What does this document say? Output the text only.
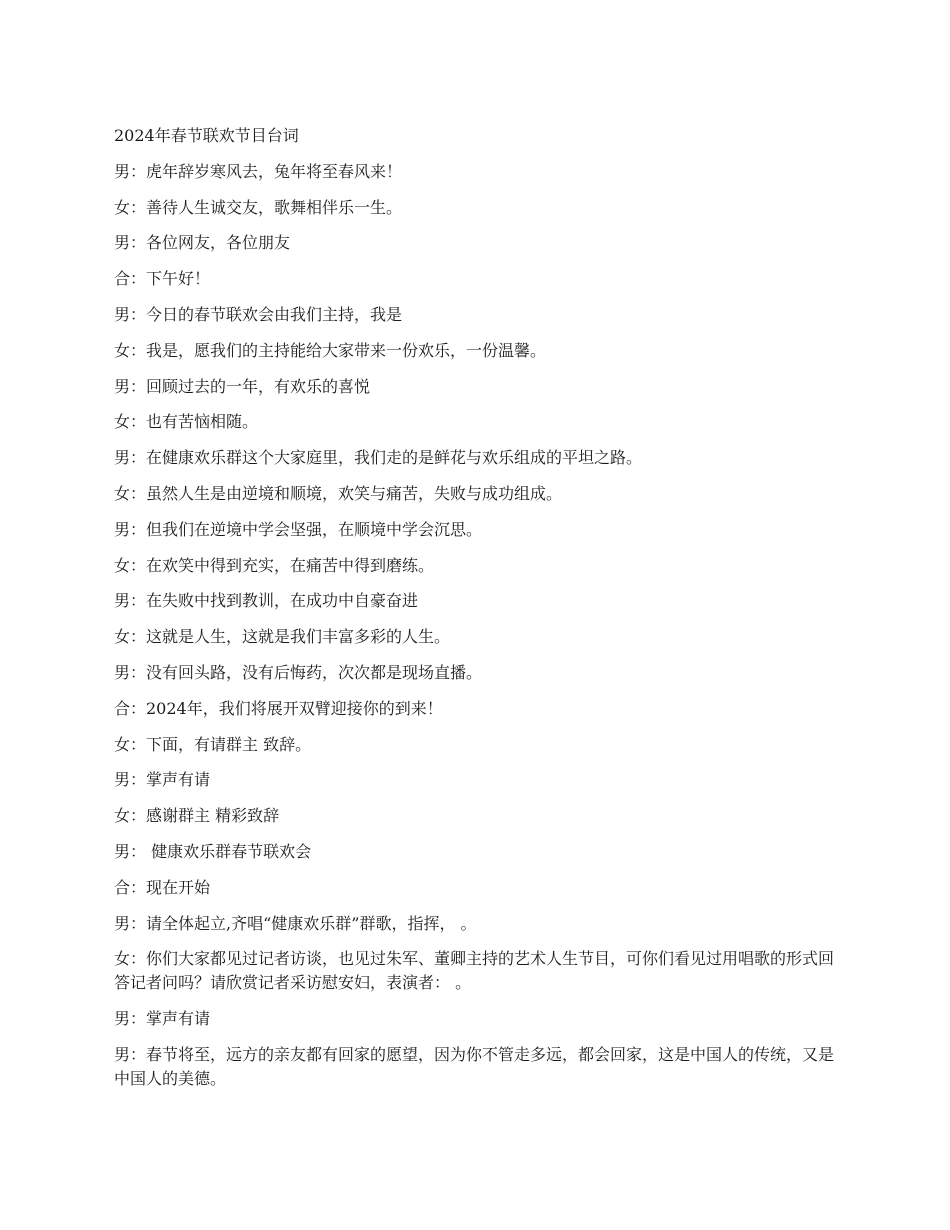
2024年春节联欢节目台词

男：虎年辞岁寒风去，兔年将至春风来！

女：善待人生诚交友，歌舞相伴乐一生。

男：各位网友，各位朋友

合：下午好！

男：今日的春节联欢会由我们主持，我是

女：我是，愿我们的主持能给大家带来一份欢乐，一份温馨。

男：回顾过去的一年，有欢乐的喜悦

女：也有苦恼相随。

男：在健康欢乐群这个大家庭里，我们走的是鲜花与欢乐组成的平坦之路。

女：虽然人生是由逆境和顺境，欢笑与痛苦，失败与成功组成。

男：但我们在逆境中学会坚强，在顺境中学会沉思。

女：在欢笑中得到充实，在痛苦中得到磨练。

男：在失败中找到教训，在成功中自豪奋进

女：这就是人生，这就是我们丰富多彩的人生。

男：没有回头路，没有后悔药，次次都是现场直播。

合：2024年，我们将展开双臂迎接你的到来！

女：下面，有请群主 致辞。

男：掌声有请

女：感谢群主 精彩致辞

男： 健康欢乐群春节联欢会

合：现在开始

男：请全体起立,齐唱“健康欢乐群”群歌，指挥， 。

女：你们大家都见过记者访谈，也见过朱军、董卿主持的艺术人生节目，可你们看见过用唱歌的形式回答记者问吗？请欣赏记者采访慰安妇，表演者： 。

男：掌声有请

男：春节将至，远方的亲友都有回家的愿望，因为你不管走多远，都会回家，这是中国人的传统，又是中国人的美德。
